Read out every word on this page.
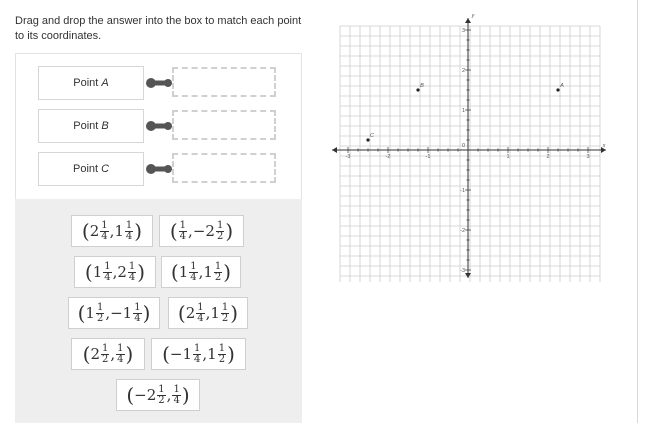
Drag and drop the answer into the box to match each point to its coordinates.
Point A
Point B
Point C
( $2 \frac{1}{4} ,1 \frac{1}{4}$ ) ( $\frac{1}{4} ,-2 \frac{1}{2}$ )
( $1 \frac{1}{4} ,2 \frac{1}{4}$ ) ( $1 \frac{1}{4} ,1 \frac{1}{2}$ )
( $1 \frac{1}{2} ,-1 \frac{1}{4}$ ) ( $2 \frac{1}{4} ,1 \frac{1}{2}$ )
( $2 \frac{1}{2}$ , $\frac{1}{4}$ ) ( $-1 \frac{1}{4} ,1 \frac{1}{2}$ )
( $-2 \frac{1}{2}$ , $\frac{1}{4}$ )
-3	-2	-1	1	2	3
3
2
1
-1
-2
-3
0	x
y
A
B
C
